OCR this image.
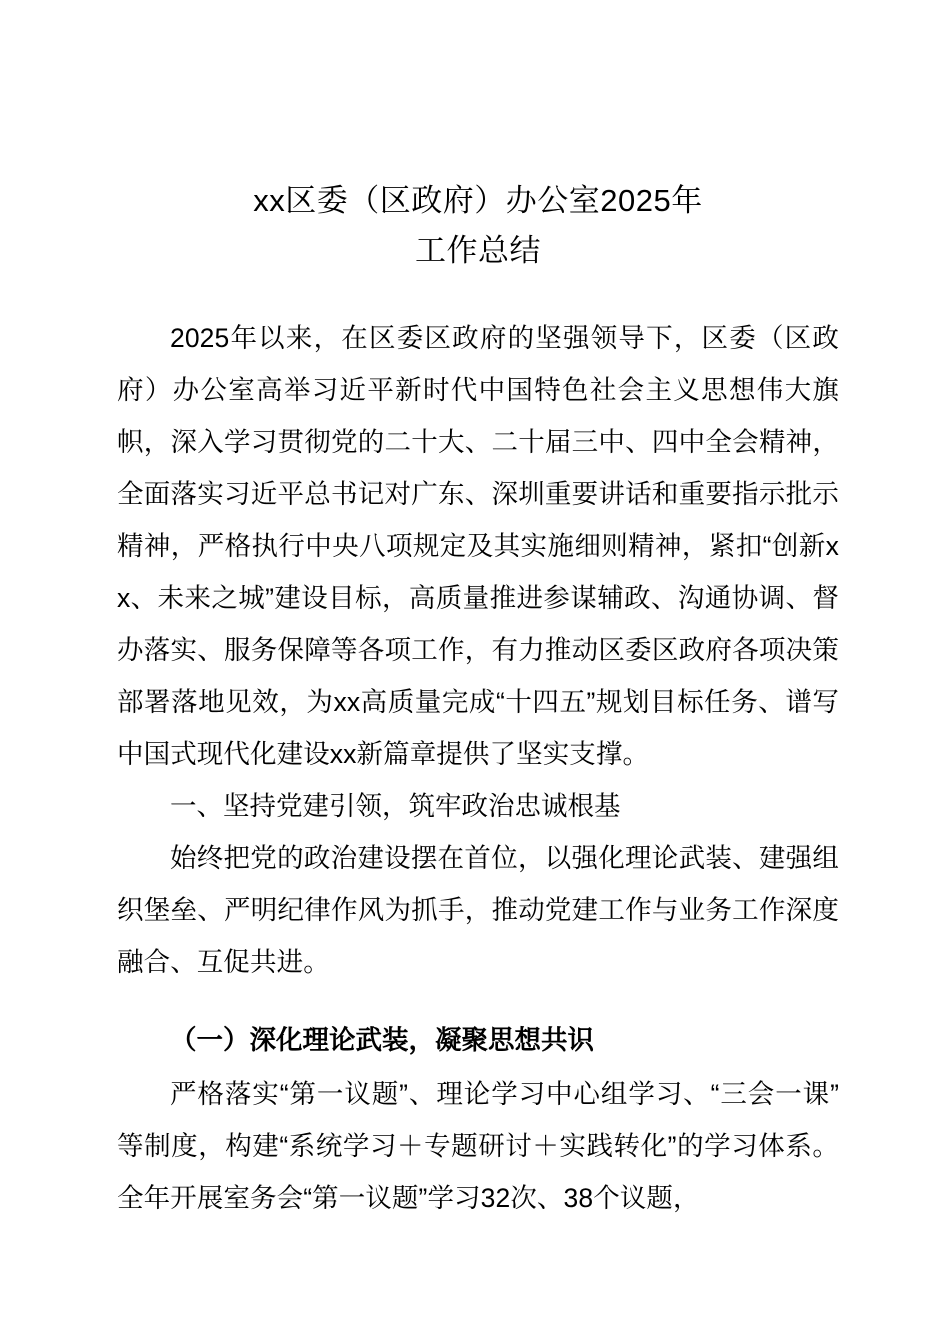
xx区委（区政府）办公室2025年
工作总结

2025年以来，在区委区政府的坚强领导下，区委（区政府）办公室高举习近平新时代中国特色社会主义思想伟大旗帜，深入学习贯彻党的二十大、二十届三中、四中全会精神，全面落实习近平总书记对广东、深圳重要讲话和重要指示批示精神，严格执行中央八项规定及其实施细则精神，紧扣“创新xx、未来之城”建设目标，高质量推进参谋辅政、沟通协调、督办落实、服务保障等各项工作，有力推动区委区政府各项决策部署落地见效，为xx高质量完成“十四五”规划目标任务、谱写中国式现代化建设xx新篇章提供了坚实支撑。

一、坚持党建引领，筑牢政治忠诚根基

始终把党的政治建设摆在首位，以强化理论武装、建强组织堡垒、严明纪律作风为抓手，推动党建工作与业务工作深度融合、互促共进。

（一）深化理论武装，凝聚思想共识

严格落实“第一议题”、理论学习中心组学习、“三会一课”等制度，构建“系统学习＋专题研讨＋实践转化”的学习体系。全年开展室务会“第一议题”学习32次、38个议题，
